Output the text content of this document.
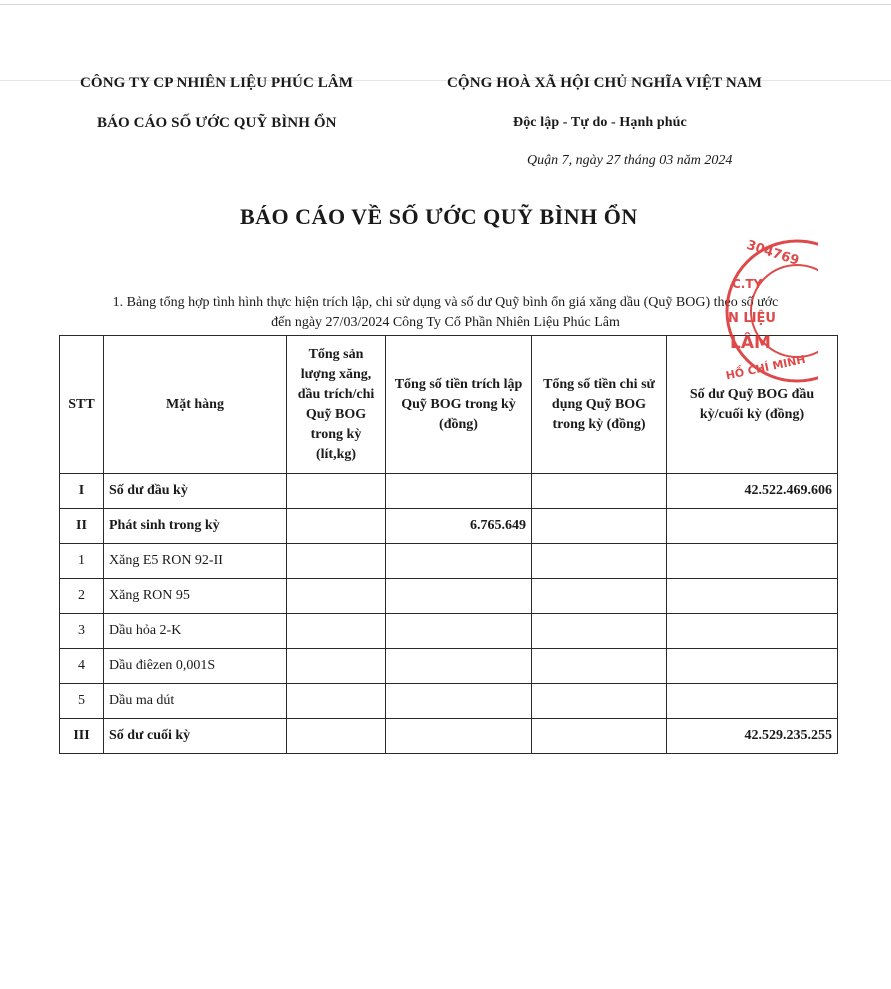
CÔNG TY CP NHIÊN LIỆU PHÚC LÂM
BÁO CÁO SỐ ƯỚC QUỸ BÌNH ỔN
CỘNG HOÀ XÃ HỘI CHỦ NGHĨA VIỆT NAM
Độc lập - Tự do - Hạnh phúc
Quận 7, ngày 27 tháng 03 năm 2024
BÁO CÁO VỀ SỐ ƯỚC QUỸ BÌNH ỔN
1. Bảng tổng hợp tình hình thực hiện trích lập, chi sử dụng và số dư Quỹ bình ổn giá xăng dầu (Quỹ BOG) theo số ước
đến ngày 27/03/2024 Công Ty Cổ Phần Nhiên Liệu Phúc Lâm
STT	Mặt hàng	Tổng sản lượng xăng, dầu trích/chi Quỹ BOG trong kỳ (lít,kg)	Tổng số tiền trích lập Quỹ BOG trong kỳ (đồng)	Tổng số tiền chi sử dụng Quỹ BOG trong kỳ (đồng)	Số dư Quỹ BOG đầu kỳ/cuối kỳ (đồng)
I	Số dư đầu kỳ				42.522.469.606
II	Phát sinh trong kỳ		6.765.649		
1	Xăng E5 RON 92-II				
2	Xăng RON 95				
3	Dầu hỏa 2-K				
4	Dầu điêzen 0,001S				
5	Dầu ma dút				
III	Số dư cuối kỳ				42.529.235.255
304769
C.TY
N LIỆU
LÂM
HỒ CHÍ MINH
